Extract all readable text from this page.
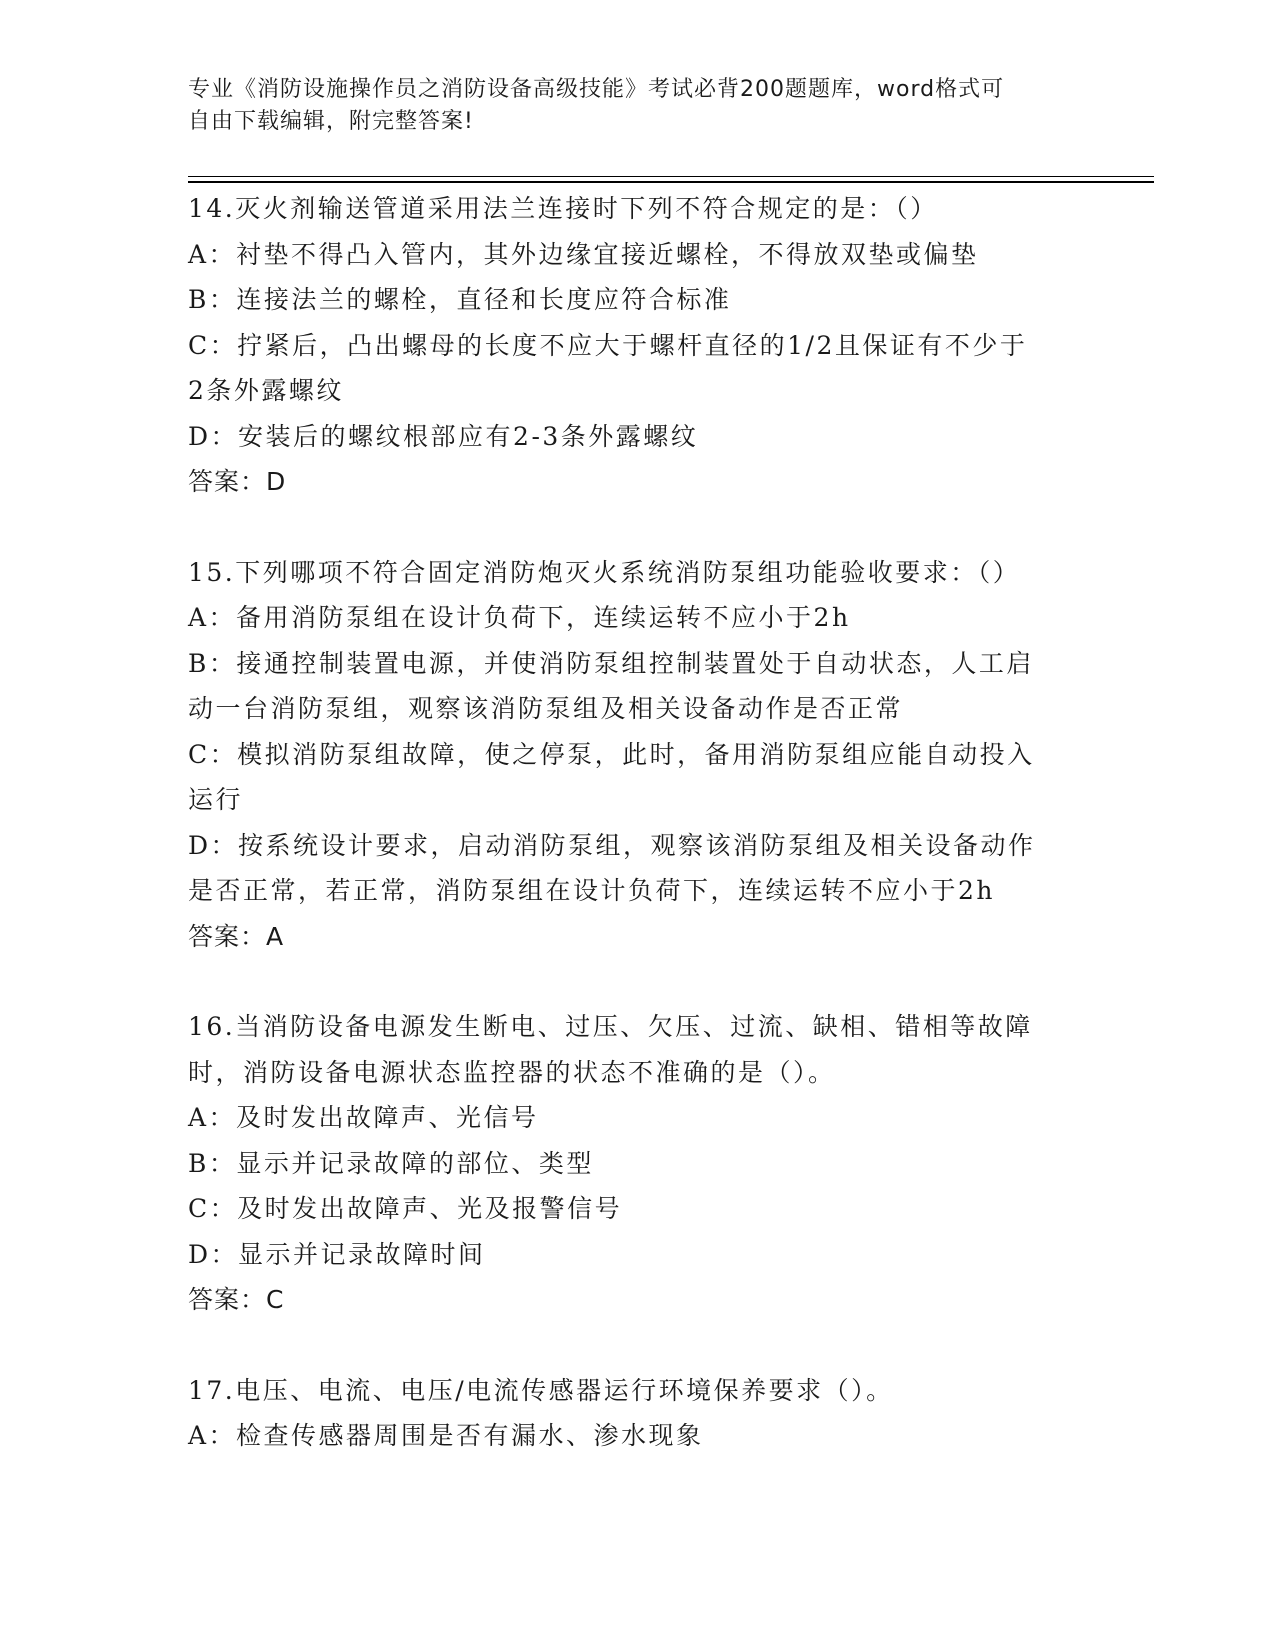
专业《消防设施操作员之消防设备高级技能》考试必背200题题库，word格式可
自由下载编辑，附完整答案!

14.灭火剂输送管道采用法兰连接时下列不符合规定的是：（）

A：衬垫不得凸入管内，其外边缘宜接近螺栓，不得放双垫或偏垫

B：连接法兰的螺栓，直径和长度应符合标准

C：拧紧后，凸出螺母的长度不应大于螺杆直径的1/2且保证有不少于

2条外露螺纹

D：安装后的螺纹根部应有2-3条外露螺纹

答案：D

15.下列哪项不符合固定消防炮灭火系统消防泵组功能验收要求：（）

A：备用消防泵组在设计负荷下，连续运转不应小于2h

B：接通控制装置电源，并使消防泵组控制装置处于自动状态，人工启

动一台消防泵组，观察该消防泵组及相关设备动作是否正常

C：模拟消防泵组故障，使之停泵，此时，备用消防泵组应能自动投入

运行

D：按系统设计要求，启动消防泵组，观察该消防泵组及相关设备动作

是否正常，若正常，消防泵组在设计负荷下，连续运转不应小于2h

答案：A

16.当消防设备电源发生断电、过压、欠压、过流、缺相、错相等故障

时，消防设备电源状态监控器的状态不准确的是（）。

A：及时发出故障声、光信号

B：显示并记录故障的部位、类型

C：及时发出故障声、光及报警信号

D：显示并记录故障时间

答案：C

17.电压、电流、电压/电流传感器运行环境保养要求（）。

A：检查传感器周围是否有漏水、渗水现象
